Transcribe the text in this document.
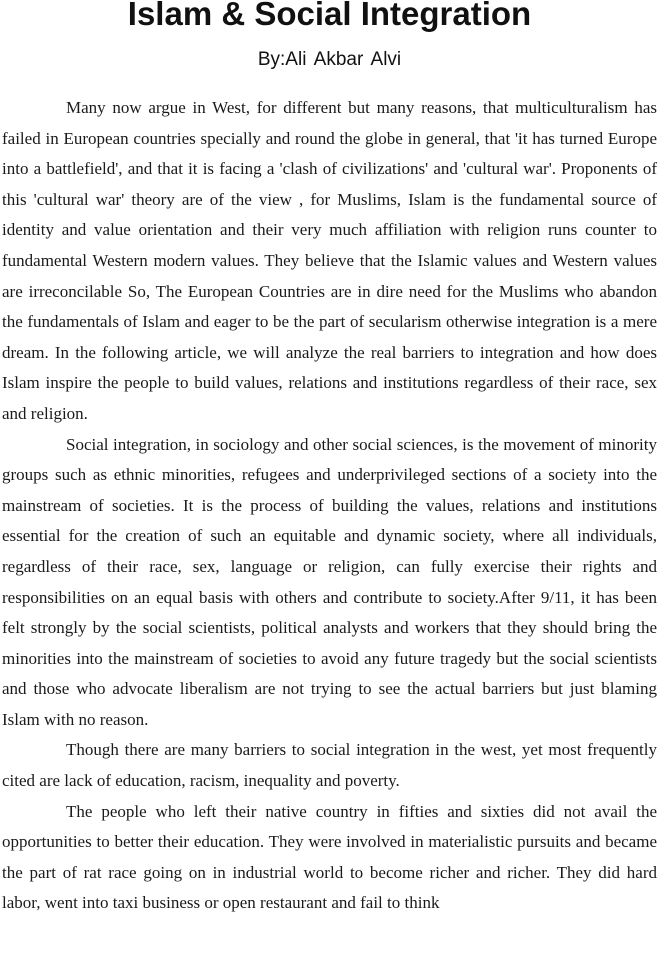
Islam & Social Integration
By:Ali Akbar Alvi

Many now argue in West, for different but many reasons, that multiculturalism has failed in European countries specially and round the globe in general, that 'it has turned Europe into a battlefield', and that it is facing a 'clash of civilizations' and 'cultural war'. Proponents of this 'cultural war' theory are of the view , for Muslims, Islam is the fundamental source of identity and value orientation and their very much affiliation with religion runs counter to fundamental Western modern values. They believe that the Islamic values and Western values are irreconcilable So, The European Countries are in dire need for the Muslims who abandon the fundamentals of Islam and eager to be the part of secularism otherwise integration is a mere dream. In the following article, we will analyze the real barriers to integration and how does Islam inspire the people to build values, relations and institutions regardless of their race, sex and religion.

Social integration, in sociology and other social sciences, is the movement of minority groups such as ethnic minorities, refugees and underprivileged sections of a society into the mainstream of societies. It is the process of building the values, relations and institutions essential for the creation of such an equitable and dynamic society, where all individuals, regardless of their race, sex, language or religion, can fully exercise their rights and responsibilities on an equal basis with others and contribute to society.After 9/11, it has been felt strongly by the social scientists, political analysts and workers that they should bring the minorities into the mainstream of societies to avoid any future tragedy but the social scientists and those who advocate liberalism are not trying to see the actual barriers but just blaming Islam with no reason.

Though there are many barriers to social integration in the west, yet most frequently cited are lack of education, racism, inequality and poverty.

The people who left their native country in fifties and sixties did not avail the opportunities to better their education. They were involved in materialistic pursuits and became the part of rat race going on in industrial world to become richer and richer. They did hard labor, went into taxi business or open restaurant and fail to think
